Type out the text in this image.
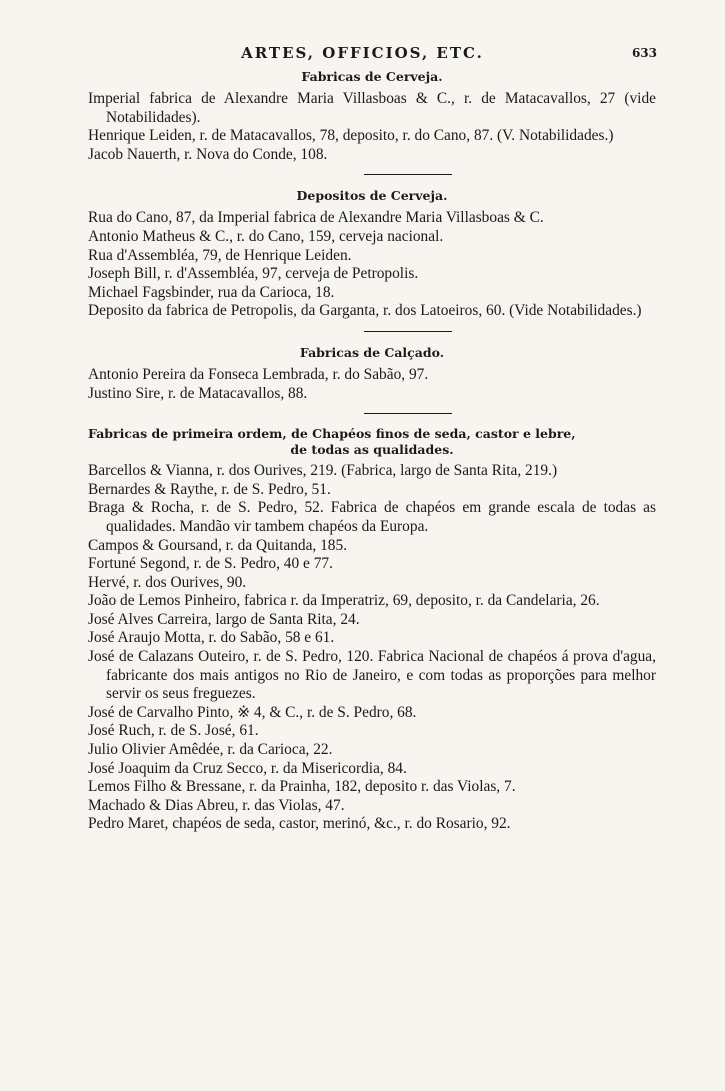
ARTES, OFFICIOS, ETC.	633
Fabricas de Cerveja.

Imperial fabrica de Alexandre Maria Villasboas & C., r. de Matacavallos, 27 (vide Notabilidades).

Henrique Leiden, r. de Matacavallos, 78, deposito, r. do Cano, 87. (V. Notabilidades.)

Jacob Nauerth, r. Nova do Conde, 108.

Depositos de Cerveja.

Rua do Cano, 87, da Imperial fabrica de Alexandre Maria Villasboas & C.

Antonio Matheus & C., r. do Cano, 159, cerveja nacional.

Rua d'Assembléa, 79, de Henrique Leiden.

Joseph Bill, r. d'Assembléa, 97, cerveja de Petropolis.

Michael Fagsbinder, rua da Carioca, 18.

Deposito da fabrica de Petropolis, da Garganta, r. dos Latoeiros, 60. (Vide Notabilidades.)

Fabricas de Calçado.

Antonio Pereira da Fonseca Lembrada, r. do Sabão, 97.

Justino Sire, r. de Matacavallos, 88.

Fabricas de primeira ordem, de Chapéos finos de seda, castor e lebre,
de todas as qualidades.

Barcellos & Vianna, r. dos Ourives, 219. (Fabrica, largo de Santa Rita, 219.)

Bernardes & Raythe, r. de S. Pedro, 51.

Braga & Rocha, r. de S. Pedro, 52. Fabrica de chapéos em grande escala de todas as qualidades. Mandão vir tambem chapéos da Europa.

Campos & Goursand, r. da Quitanda, 185.

Fortuné Segond, r. de S. Pedro, 40 e 77.

Hervé, r. dos Ourives, 90.

João de Lemos Pinheiro, fabrica r. da Imperatriz, 69, deposito, r. da Candelaria, 26.

José Alves Carreira, largo de Santa Rita, 24.

José Araujo Motta, r. do Sabão, 58 e 61.

José de Calazans Outeiro, r. de S. Pedro, 120. Fabrica Nacional de chapéos á prova d'agua, fabricante dos mais antigos no Rio de Janeiro, e com todas as proporções para melhor servir os seus freguezes.

José de Carvalho Pinto, ※ 4, & C., r. de S. Pedro, 68.

José Ruch, r. de S. José, 61.

Julio Olivier Amêdée, r. da Carioca, 22.

José Joaquim da Cruz Secco, r. da Misericordia, 84.

Lemos Filho & Bressane, r. da Prainha, 182, deposito r. das Violas, 7.

Machado & Dias Abreu, r. das Violas, 47.

Pedro Maret, chapéos de seda, castor, merinó, &c., r. do Rosario, 92.
